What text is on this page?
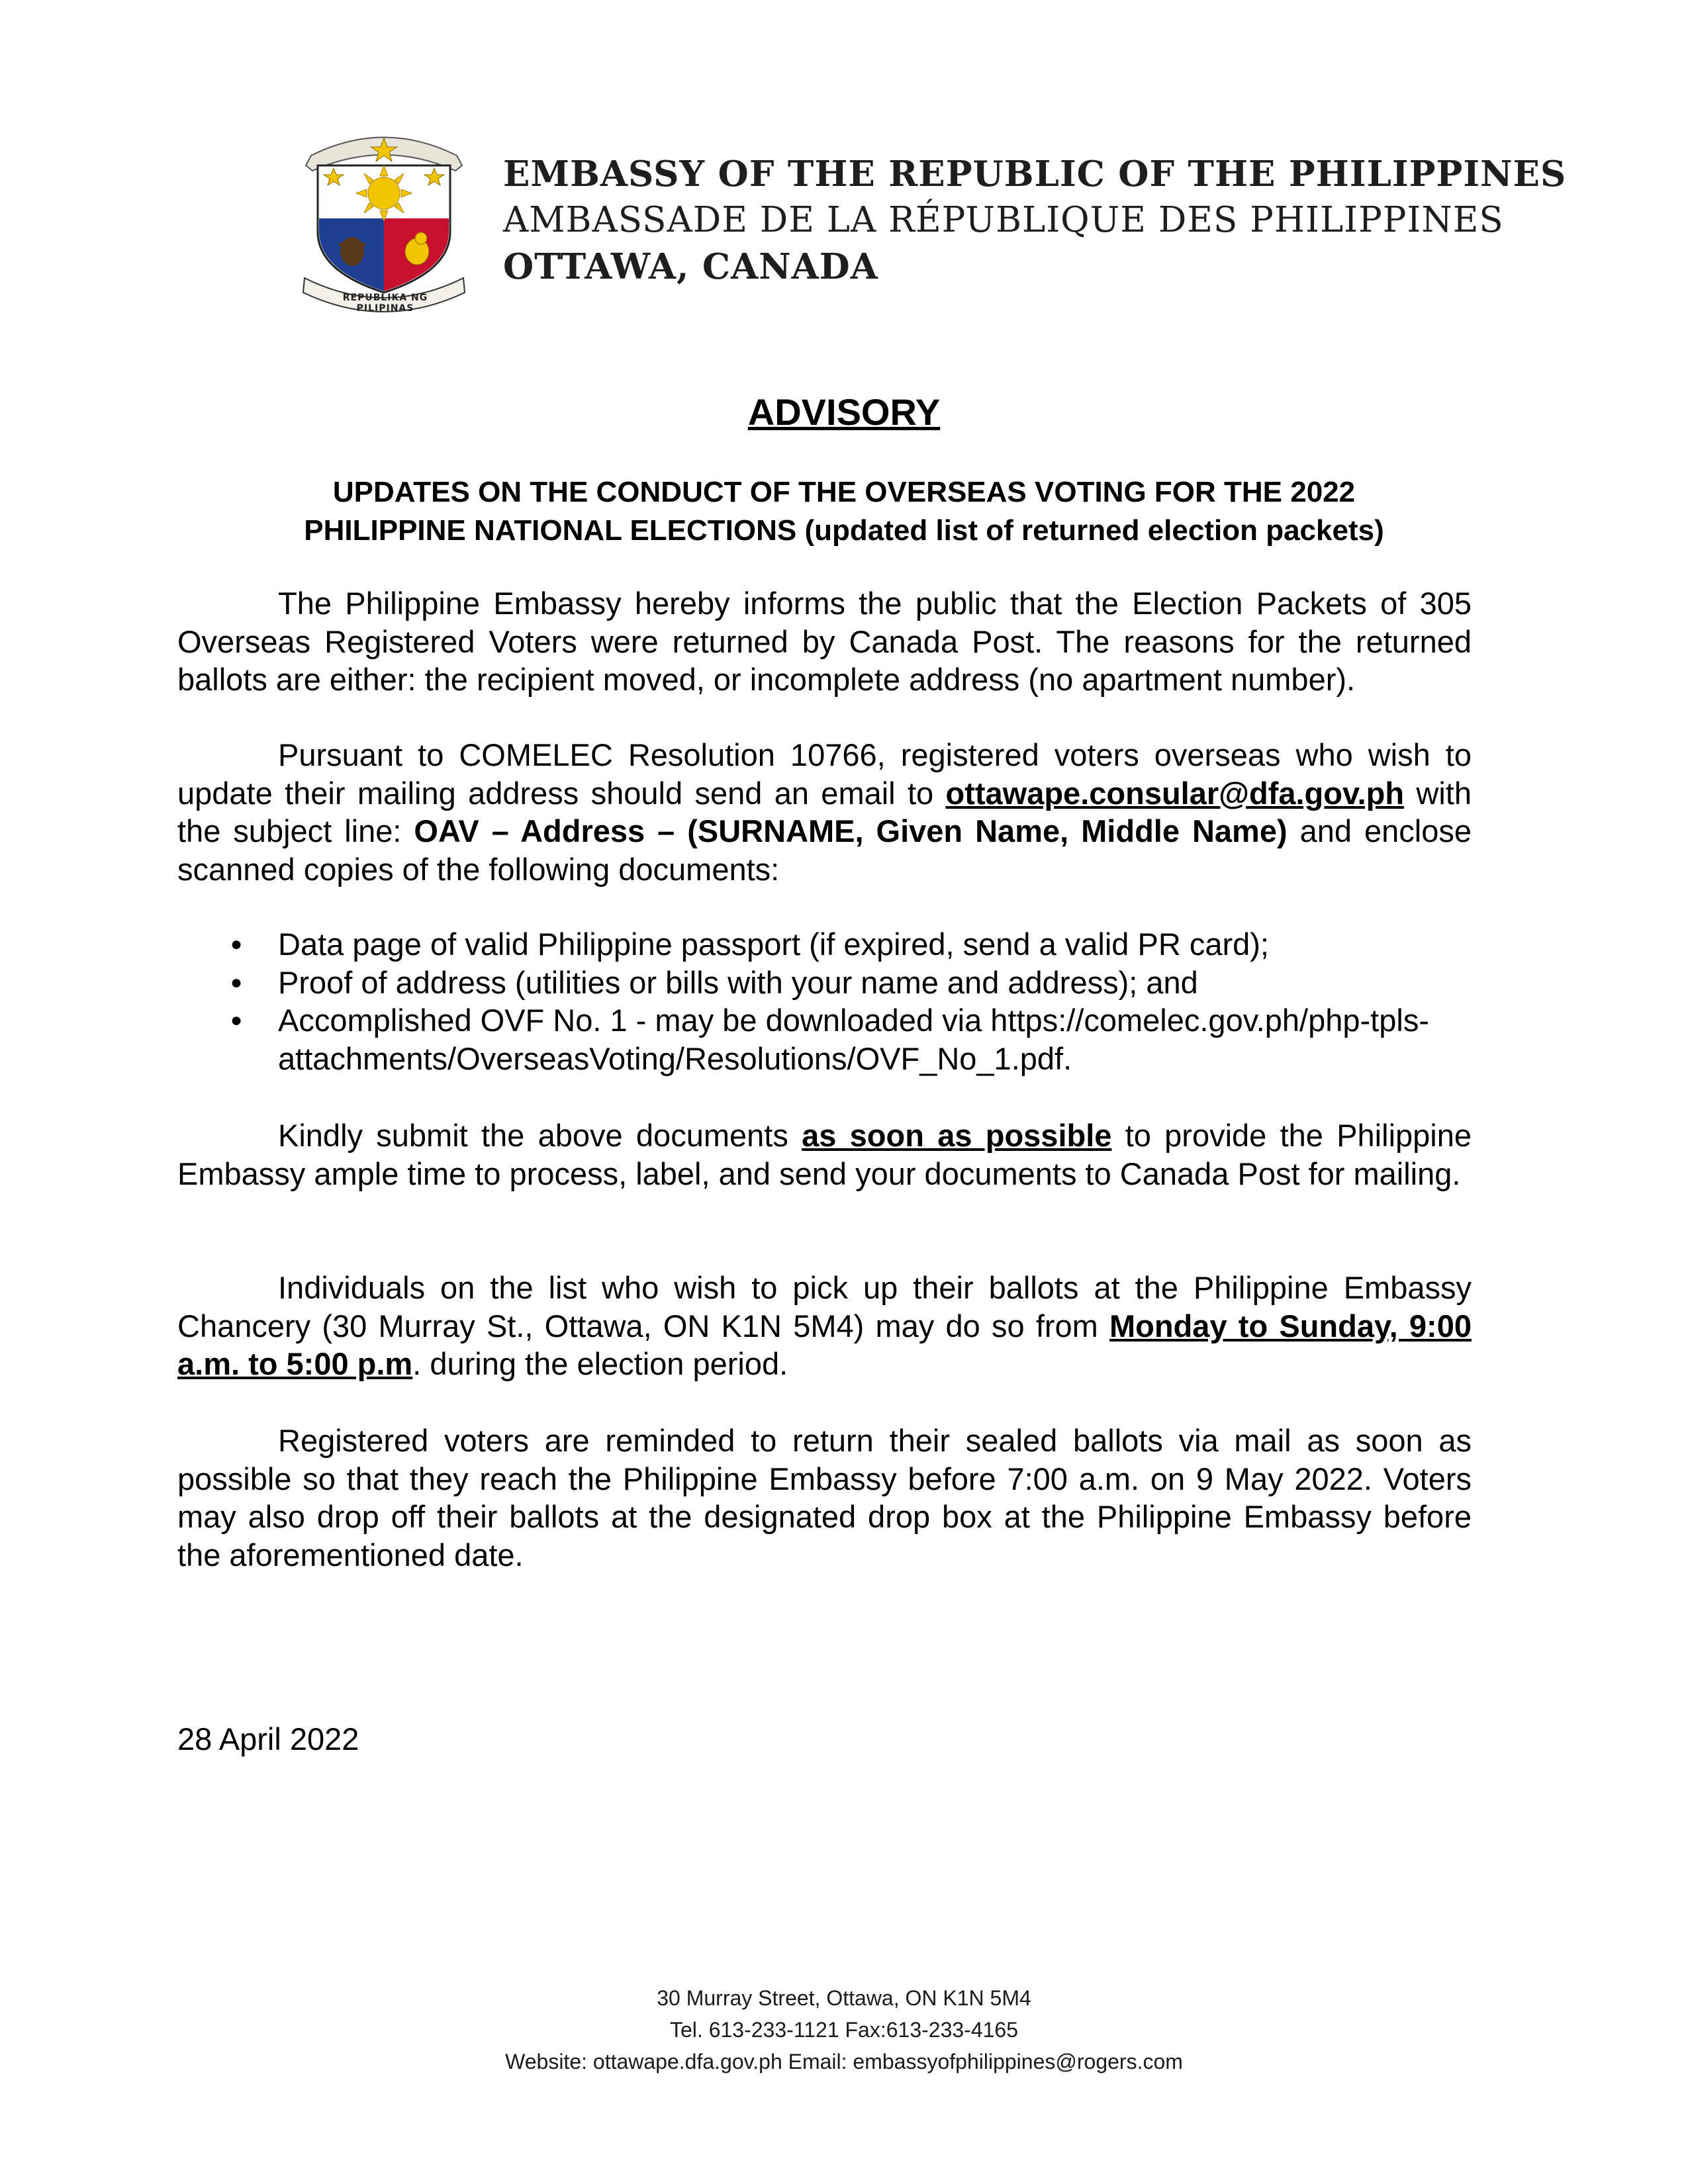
REPUBLIKA NG PILIPINAS
EMBASSY OF THE REPUBLIC OF THE PHILIPPINES
AMBASSADE DE LA RÉPUBLIQUE DES PHILIPPINES
OTTAWA, CANADA
ADVISORY
UPDATES ON THE CONDUCT OF THE OVERSEAS VOTING FOR THE 2022
PHILIPPINE NATIONAL ELECTIONS (updated list of returned election packets)
The Philippine Embassy hereby informs the public that the Election Packets of 305 Overseas Registered Voters were returned by Canada Post. The reasons for the returned ballots are either: the recipient moved, or incomplete address (no apartment number).
Pursuant to COMELEC Resolution 10766, registered voters overseas who wish to update their mailing address should send an email to ottawape.consular@dfa.gov.ph with the subject line: OAV – Address – (SURNAME, Given Name, Middle Name) and enclose scanned copies of the following documents:
● Data page of valid Philippine passport (if expired, send a valid PR card);
● Proof of address (utilities or bills with your name and address); and
● Accomplished OVF No. 1 - may be downloaded via https://comelec.gov.ph/php-tpls-attachments/OverseasVoting/Resolutions/OVF_No_1.pdf.
Kindly submit the above documents as soon as possible to provide the Philippine Embassy ample time to process, label, and send your documents to Canada Post for mailing.
Individuals on the list who wish to pick up their ballots at the Philippine Embassy Chancery (30 Murray St., Ottawa, ON K1N 5M4) may do so from Monday to Sunday, 9:00 a.m. to 5:00 p.m. during the election period.
Registered voters are reminded to return their sealed ballots via mail as soon as possible so that they reach the Philippine Embassy before 7:00 a.m. on 9 May 2022. Voters may also drop off their ballots at the designated drop box at the Philippine Embassy before the aforementioned date.
28 April 2022
30 Murray Street, Ottawa, ON K1N 5M4
Tel. 613-233-1121 Fax:613-233-4165
Website: ottawape.dfa.gov.ph Email: embassyofphilippines@rogers.com
